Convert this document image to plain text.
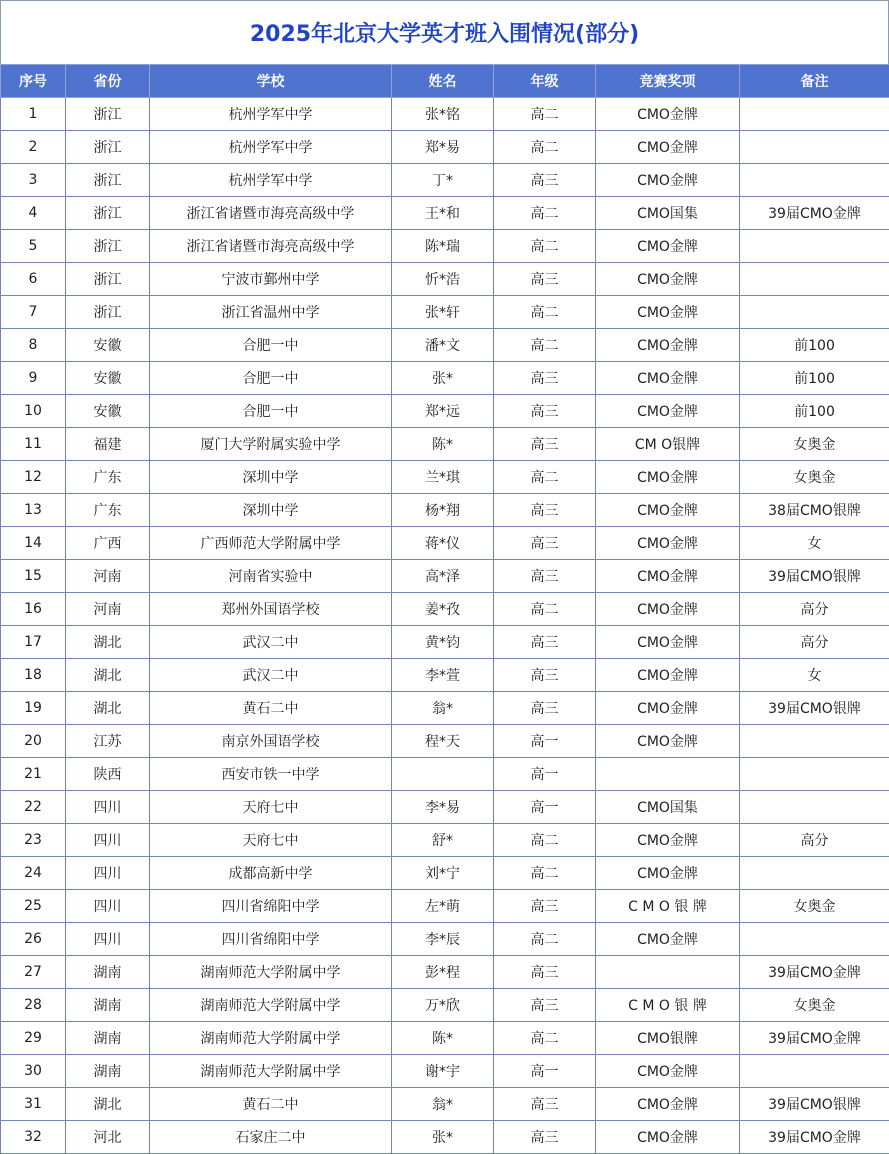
2025年北京大学英才班入围情况(部分)
序号	省份	学校	姓名	年级	竞赛奖项	备注
1	浙江	杭州学军中学	张*铭	高二	CMO金牌	
2	浙江	杭州学军中学	郑*易	高二	CMO金牌	
3	浙江	杭州学军中学	丁*	高三	CMO金牌	
4	浙江	浙江省诸暨市海亮高级中学	王*和	高二	CMO国集	39届CMO金牌
5	浙江	浙江省诸暨市海亮高级中学	陈*瑞	高二	CMO金牌	
6	浙江	宁波市鄞州中学	忻*浩	高三	CMO金牌	
7	浙江	浙江省温州中学	张*轩	高二	CMO金牌	
8	安徽	合肥一中	潘*文	高二	CMO金牌	前100
9	安徽	合肥一中	张*	高三	CMO金牌	前100
10	安徽	合肥一中	郑*远	高三	CMO金牌	前100
11	福建	厦门大学附属实验中学	陈*	高三	CM O银牌	女奥金
12	广东	深圳中学	兰*琪	高二	CMO金牌	女奥金
13	广东	深圳中学	杨*翔	高三	CMO金牌	38届CMO银牌
14	广西	广西师范大学附属中学	蒋*仪	高三	CMO金牌	女
15	河南	河南省实验中	高*泽	高三	CMO金牌	39届CMO银牌
16	河南	郑州外国语学校	姜*孜	高二	CMO金牌	高分
17	湖北	武汉二中	黄*钧	高三	CMO金牌	高分
18	湖北	武汉二中	李*萱	高三	CMO金牌	女
19	湖北	黄石二中	翁*	高三	CMO金牌	39届CMO银牌
20	江苏	南京外国语学校	程*天	高一	CMO金牌	
21	陕西	西安市铁一中学		高一		
22	四川	天府七中	李*易	高一	CMO国集	
23	四川	天府七中	舒*	高二	CMO金牌	高分
24	四川	成都高新中学	刘*宁	高二	CMO金牌	
25	四川	四川省绵阳中学	左*萌	高三	C M O 银 牌	女奥金
26	四川	四川省绵阳中学	李*辰	高二	CMO金牌	
27	湖南	湖南师范大学附属中学	彭*程	高三		39届CMO金牌
28	湖南	湖南师范大学附属中学	万*欣	高三	C M O 银 牌	女奥金
29	湖南	湖南师范大学附属中学	陈*	高二	CMO银牌	39届CMO金牌
30	湖南	湖南师范大学附属中学	谢*宇	高一	CMO金牌	
31	湖北	黄石二中	翁*	高三	CMO金牌	39届CMO银牌
32	河北	石家庄二中	张*	高三	CMO金牌	39届CMO金牌
